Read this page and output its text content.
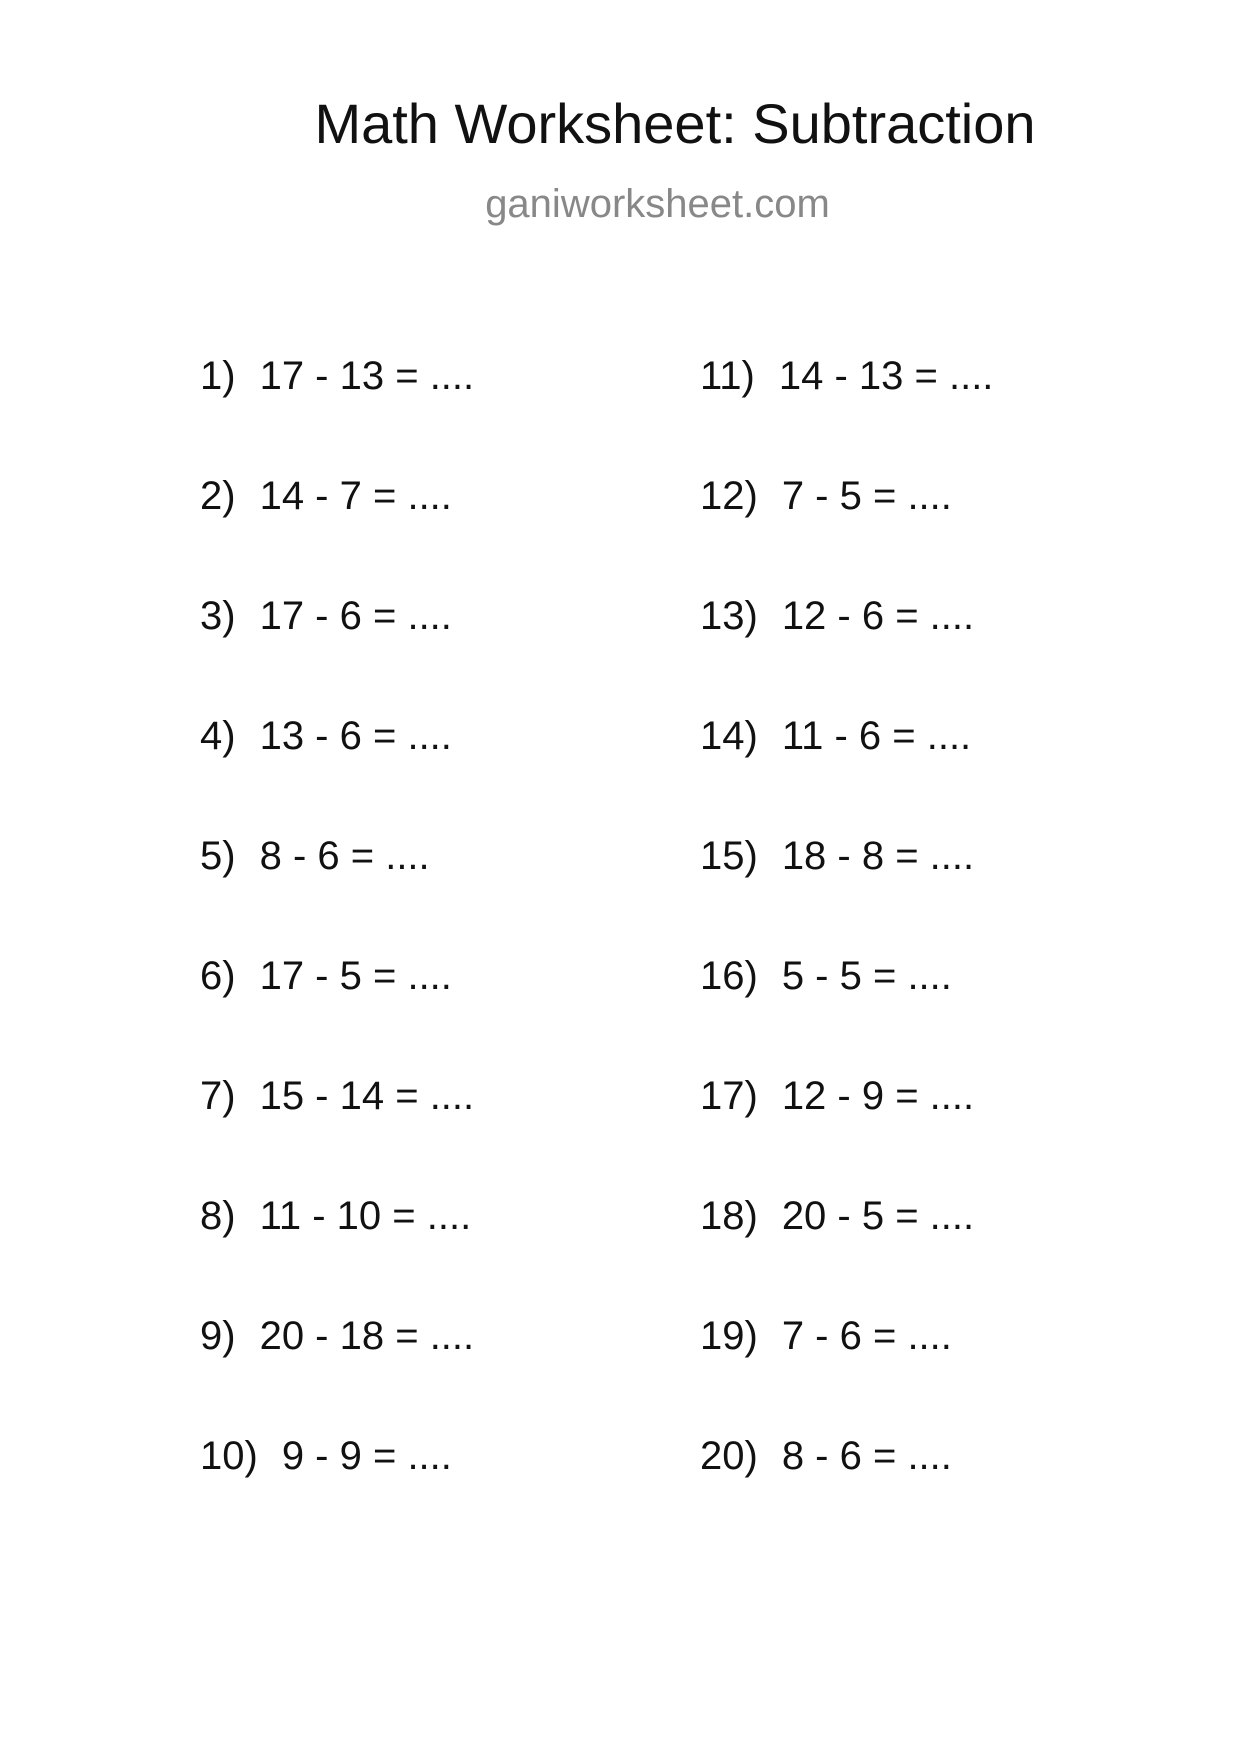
Math Worksheet: Subtraction
ganiworksheet.com
1) 17 - 13 = ....
2) 14 - 7 = ....
3) 17 - 6 = ....
4) 13 - 6 = ....
5) 8 - 6 = ....
6) 17 - 5 = ....
7) 15 - 14 = ....
8) 11 - 10 = ....
9) 20 - 18 = ....
10) 9 - 9 = ....
11) 14 - 13 = ....
12) 7 - 5 = ....
13) 12 - 6 = ....
14) 11 - 6 = ....
15) 18 - 8 = ....
16) 5 - 5 = ....
17) 12 - 9 = ....
18) 20 - 5 = ....
19) 7 - 6 = ....
20) 8 - 6 = ....
